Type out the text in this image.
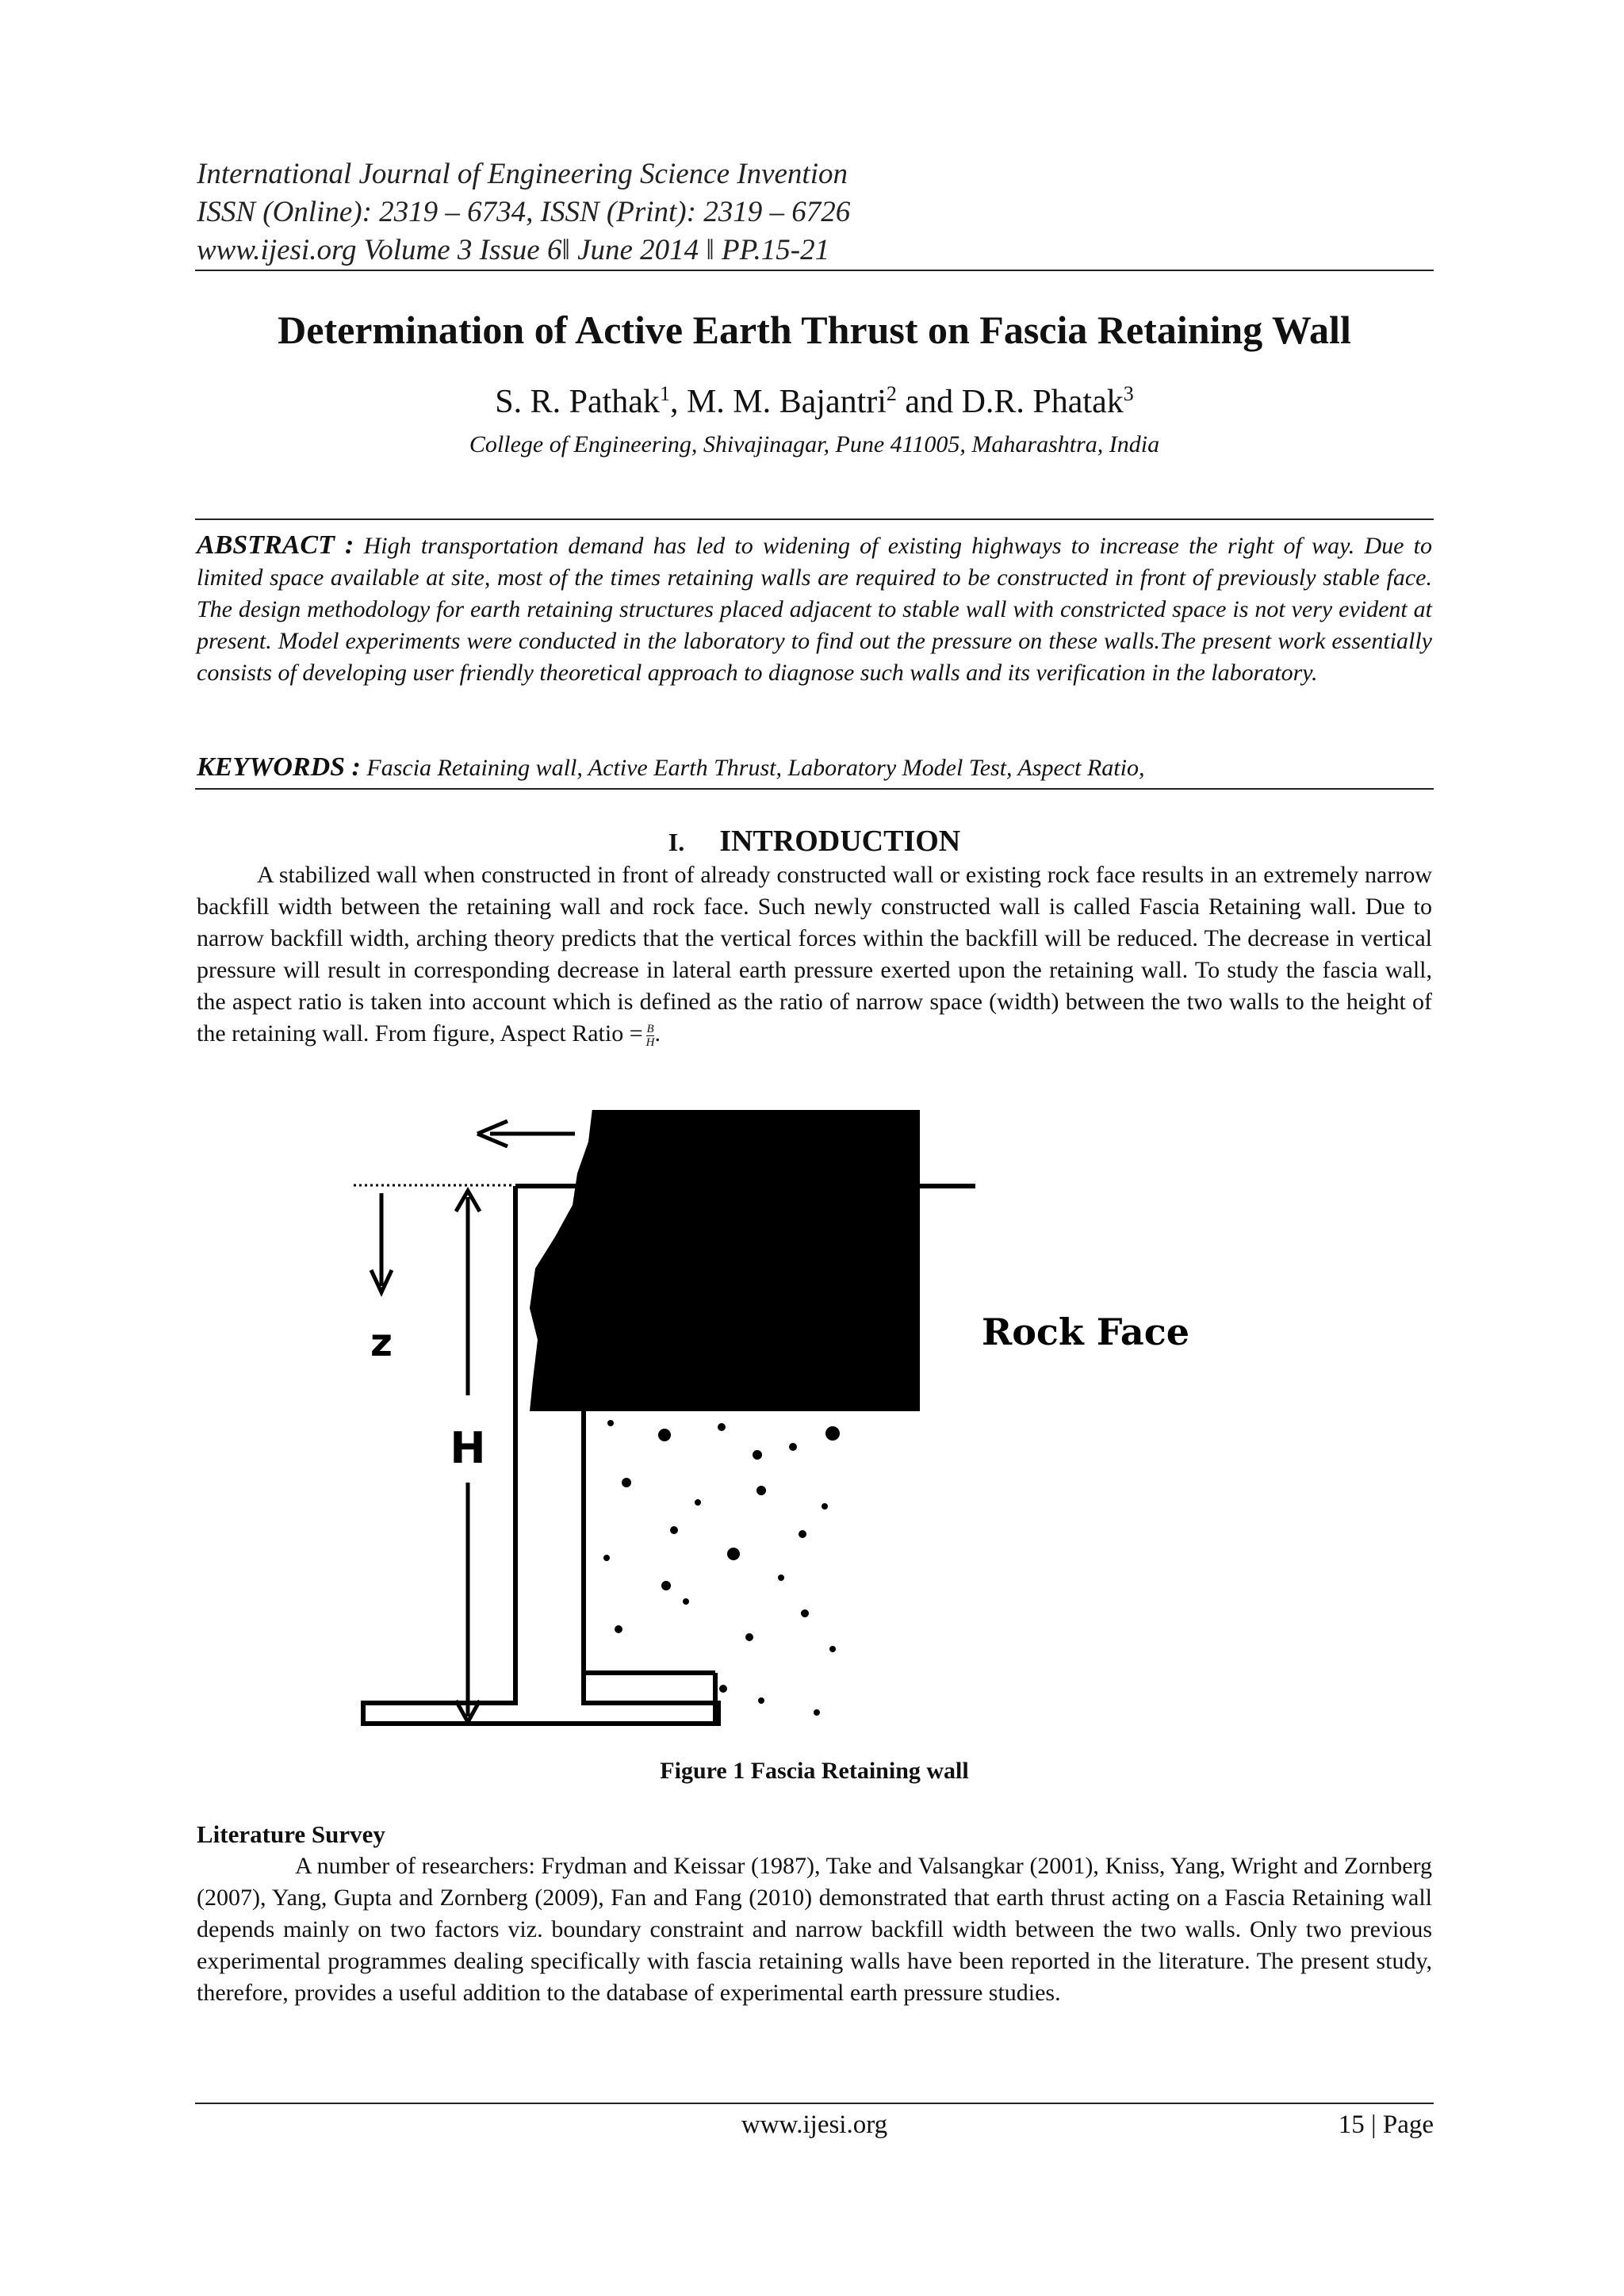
International Journal of Engineering Science Invention
ISSN (Online): 2319 – 6734, ISSN (Print): 2319 – 6726
www.ijesi.org Volume 3 Issue 6ǁ June 2014 ǁ PP.15-21
Determination of Active Earth Thrust on Fascia Retaining Wall
S. R. Pathak$^1$, M. M. Bajantri$^2$ and D.R. Phatak$^3$
College of Engineering, Shivajinagar, Pune 411005, Maharashtra, India
ABSTRACT : High transportation demand has led to widening of existing highways to increase the right of way. Due to limited space available at site, most of the times retaining walls are required to be constructed in front of previously stable face. The design methodology for earth retaining structures placed adjacent to stable wall with constricted space is not very evident at present. Model experiments were conducted in the laboratory to find out the pressure on these walls.The present work essentially consists of developing user friendly theoretical approach to diagnose such walls and its verification in the laboratory.
KEYWORDS : Fascia Retaining wall, Active Earth Thrust, Laboratory Model Test, Aspect Ratio,
I. INTRODUCTION
A stabilized wall when constructed in front of already constructed wall or existing rock face results in an extremely narrow backfill width between the retaining wall and rock face. Such newly constructed wall is called Fascia Retaining wall. Due to narrow backfill width, arching theory predicts that the vertical forces within the backfill will be reduced. The decrease in vertical pressure will result in corresponding decrease in lateral earth pressure exerted upon the retaining wall. To study the fascia wall, the aspect ratio is taken into account which is defined as the ratio of narrow space (width) between the two walls to the height of the retaining wall. From figure, Aspect Ratio = $\frac{B}{H}$ .
Rock Face
B
z
H
Figure 1 Fascia Retaining wall
Literature Survey
A number of researchers: Frydman and Keissar (1987), Take and Valsangkar (2001), Kniss, Yang, Wright and Zornberg (2007), Yang, Gupta and Zornberg (2009), Fan and Fang (2010) demonstrated that earth thrust acting on a Fascia Retaining wall depends mainly on two factors viz. boundary constraint and narrow backfill width between the two walls. Only two previous experimental programmes dealing specifically with fascia retaining walls have been reported in the literature. The present study, therefore, provides a useful addition to the database of experimental earth pressure studies.
www.ijesi.org	15 | Page
